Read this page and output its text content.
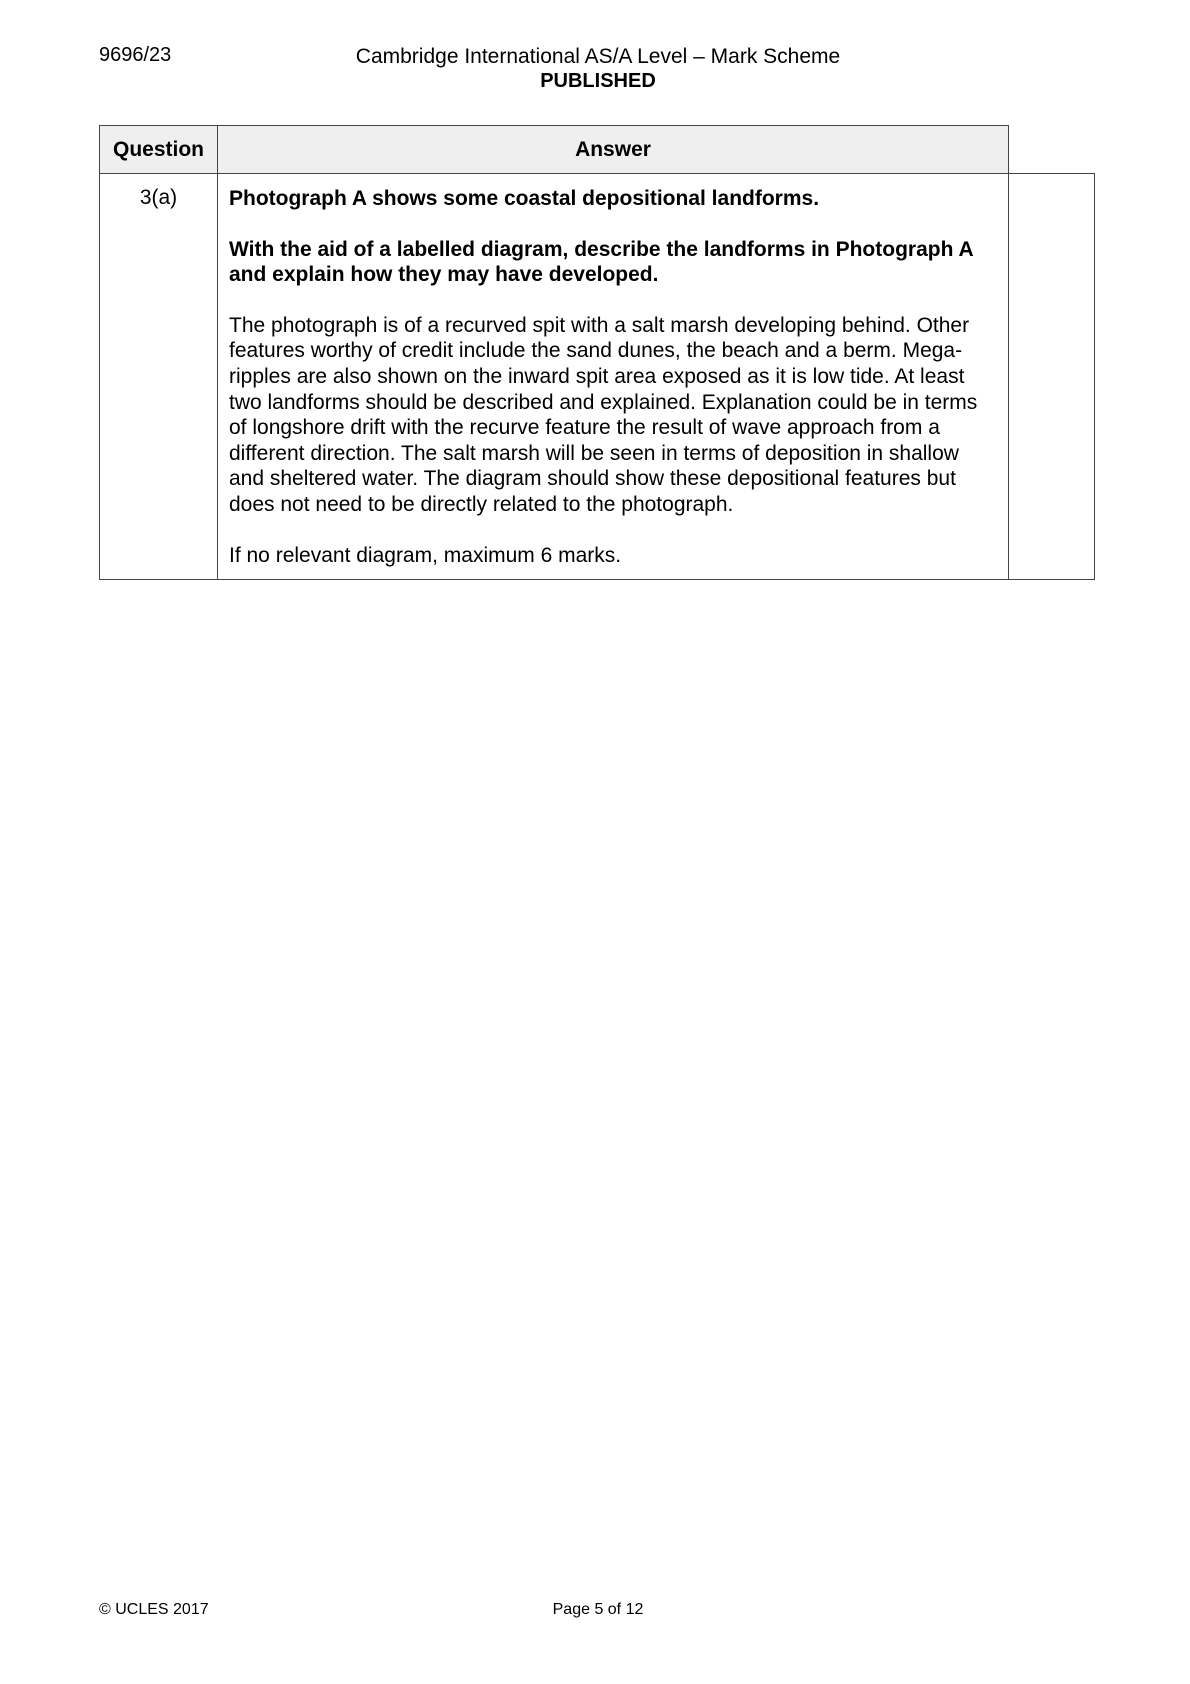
9696/23	Cambridge International AS/A Level – Mark Scheme
PUBLISHED
Question	Answer	
3(a)	Photograph A shows some coastal depositional landforms.

With the aid of a labelled diagram, describe the landforms in Photograph A and explain how they may have developed.

The photograph is of a recurved spit with a salt marsh developing behind. Other features worthy of credit include the sand dunes, the beach and a berm. Mega-ripples are also shown on the inward spit area exposed as it is low tide. At least two landforms should be described and explained. Explanation could be in terms of longshore drift with the recurve feature the result of wave approach from a different direction. The salt marsh will be seen in terms of deposition in shallow and sheltered water. The diagram should show these depositional features but does not need to be directly related to the photograph.

If no relevant diagram, maximum 6 marks.	

© UCLES 2017	Page 5 of 12
